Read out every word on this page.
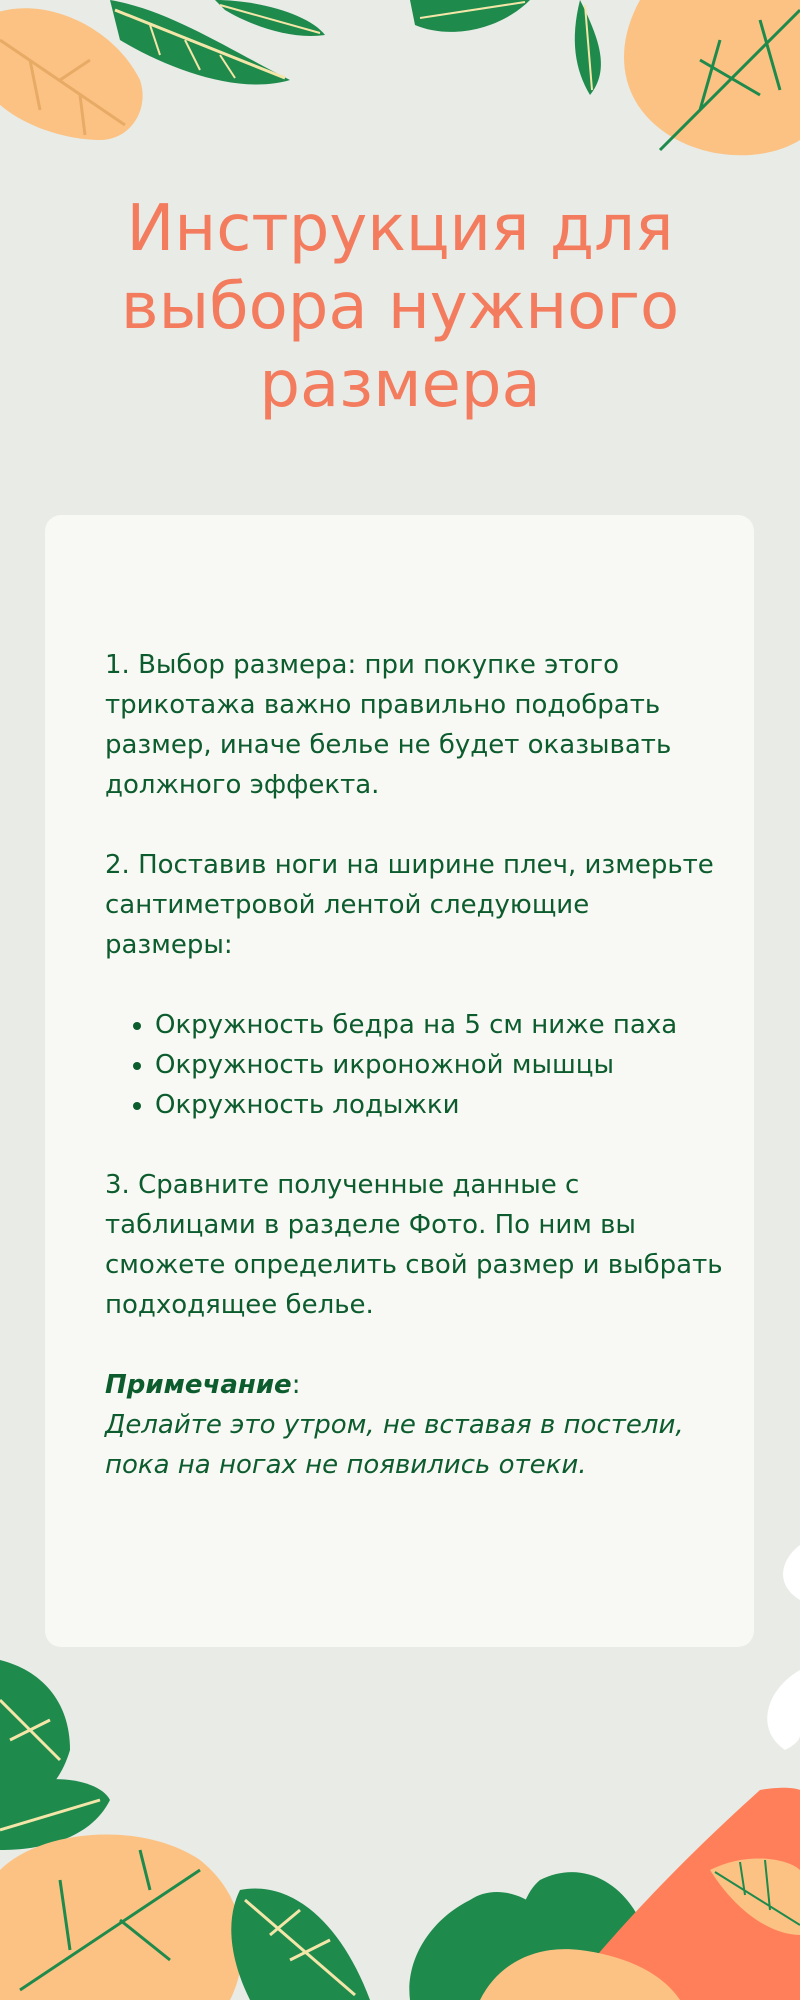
Инструкция для
выбора нужного
размера

1. Выбор размера: при покупке этого трикотажа важно правильно подобрать размер, иначе белье не будет оказывать должного эффекта.

2. Поставив ноги на ширине плеч, измерьте сантиметровой лентой следующие размеры:

• Окружность бедра на 5 см ниже паха
• Окружность икроножной мышцы
• Окружность лодыжки

3. Сравните полученные данные с таблицами в разделе Фото. По ним вы сможете определить свой размер и выбрать подходящее белье.

Примечание:

Делайте это утром, не вставая в постели, пока на ногах не появились отеки.
